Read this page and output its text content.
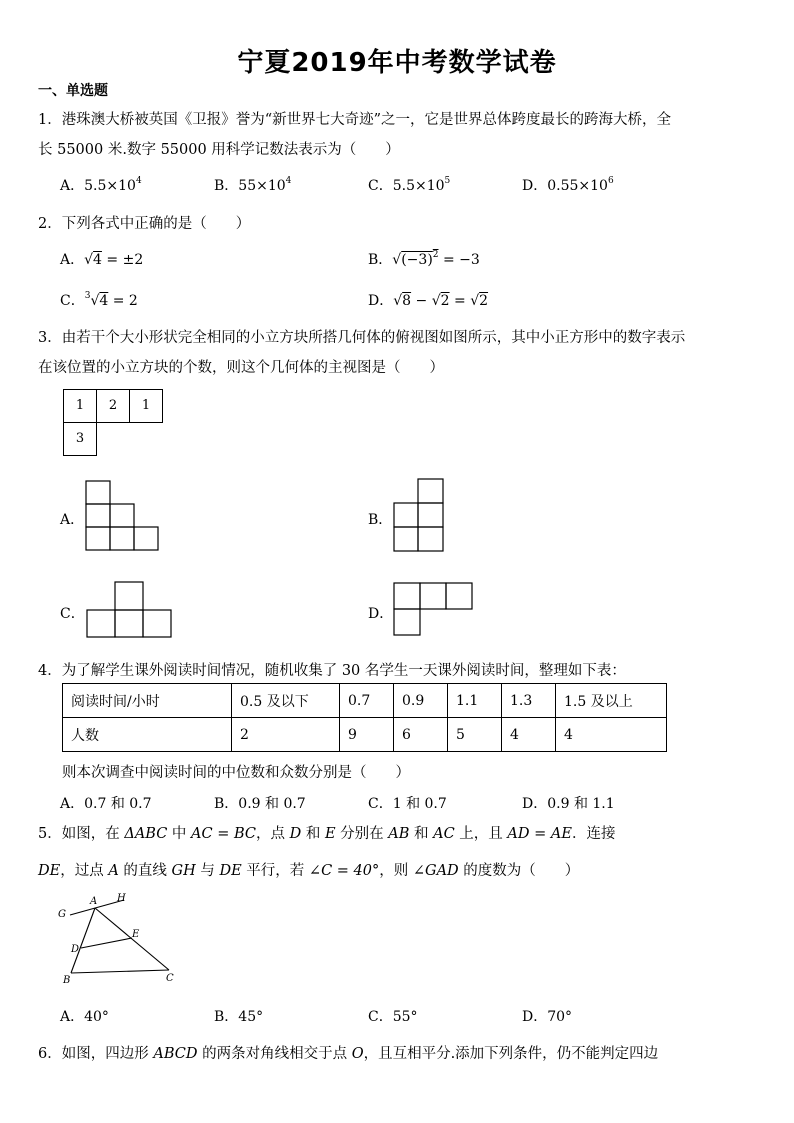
宁夏2019年中考数学试卷
一、单选题
1．港珠澳大桥被英国《卫报》誉为“新世界七大奇迹”之一，它是世界总体跨度最长的跨海大桥，全
长 55000 米.数字 55000 用科学记数法表示为（　　）
A．$5.5\times 10^4$	B．$55\times 10^4$	C．$5.5\times 10^5$	D．$0.55\times 10^6$
2．下列各式中正确的是（　　）
A．√4 = ±2	B．$√(-3)^2 = -3$
C．$^3$√4 = 2	D．√8 − √2 = √2
3．由若干个大小形状完全相同的小立方块所搭几何体的俯视图如图所示，其中小正方形中的数字表示
在该位置的小立方块的个数，则这个几何体的主视图是（　　）
1	2	1
3
A．	B．
C．	D．
4．为了解学生课外阅读时间情况，随机收集了 30 名学生一天课外阅读时间，整理如下表：
阅读时间/小时	0.5 及以下	0.7	0.9	1.1	1.3	1.5 及以上
人数	2	9	6	5	4	4
则本次调查中阅读时间的中位数和众数分别是（　　）
A．0.7 和 0.7	B．0.9 和 0.7	C．1 和 0.7	D．0.9 和 1.1
5．如图，在 ΔABC 中 AC = BC，点 D 和 E 分别在 AB 和 AC 上，且 AD = AE．连接
DE，过点 A 的直线 GH 与 DE 平行，若 ∠C = 40°，则 ∠GAD 的度数为（　　）
G
A H
D
E
B	C
A．40°	B．45°	C．55°	D．70°
6．如图，四边形 ABCD 的两条对角线相交于点 O，且互相平分.添加下列条件，仍不能判定四边
